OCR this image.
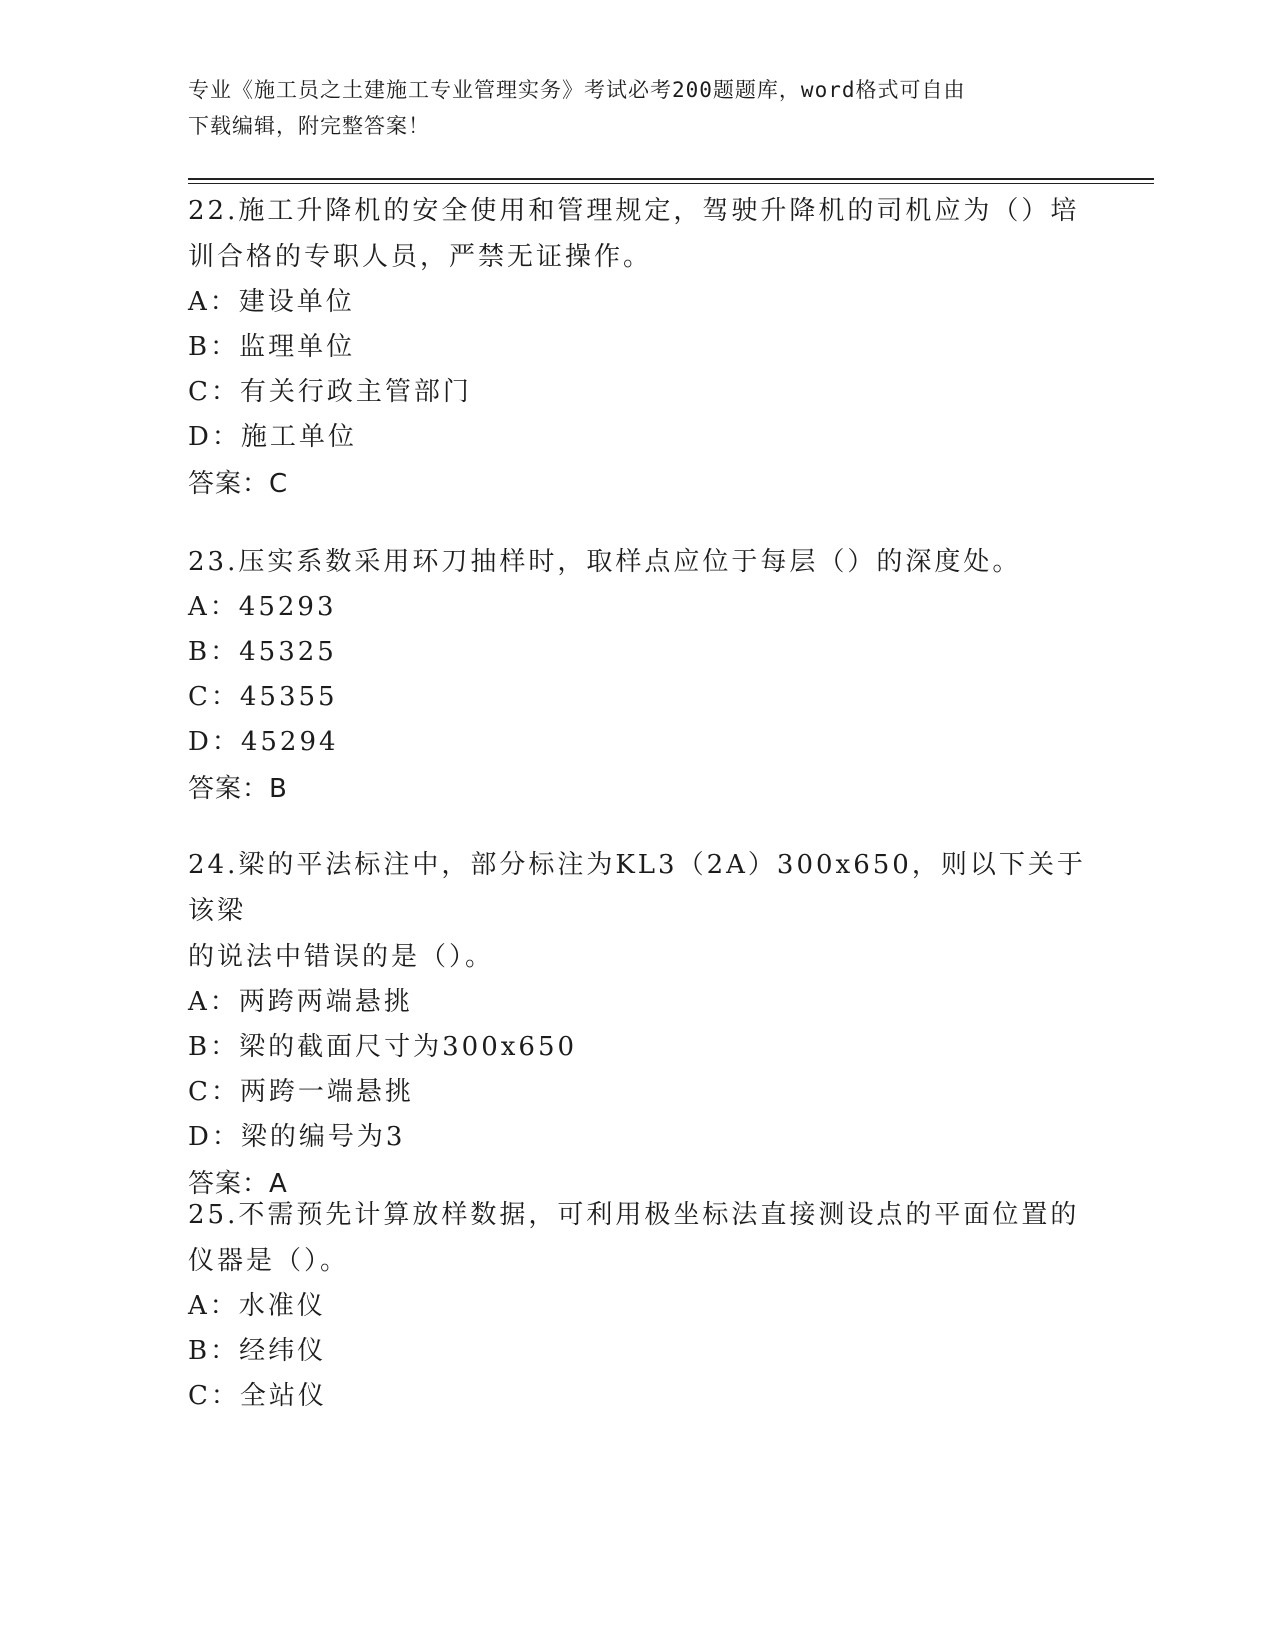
专业《施工员之土建施工专业管理实务》考试必考200题题库，word格式可自由
下载编辑，附完整答案！

22.施工升降机的安全使用和管理规定，驾驶升降机的司机应为（）培

训合格的专职人员，严禁无证操作。

A：建设单位

B：监理单位

C：有关行政主管部门

D：施工单位

答案：C

23.压实系数采用环刀抽样时，取样点应位于每层（）的深度处。

A：45293

B：45325

C：45355

D：45294

答案：B

24.梁的平法标注中，部分标注为KL3（2A）300x650，则以下关于该梁

的说法中错误的是（）。

A：两跨两端悬挑

B：梁的截面尺寸为300x650

C：两跨一端悬挑

D：梁的编号为3

答案：A

25.不需预先计算放样数据，可利用极坐标法直接测设点的平面位置的

仪器是（）。

A：水准仪

B：经纬仪

C：全站仪
